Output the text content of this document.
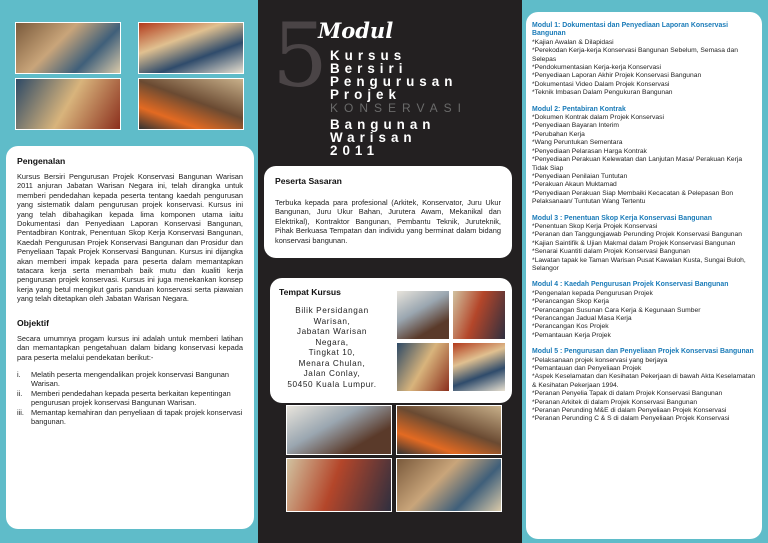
Pengenalan

Kursus Bersiri Pengurusan Projek Konservasi Bangunan Warisan 2011 anjuran Jabatan Warisan Negara ini, telah dirangka untuk memberi pendedahan kepada peserta tentang kaedah pengurusan yang sistematik dalam pengurusan projek konservasi. Kursus ini yang telah dibahagikan kepada lima komponen utama iaitu Dokumentasi dan Penyediaan Laporan Konservasi Bangunan, Pentadbiran Kontrak, Penentuan Skop Kerja Konservasi Bangunan, Kaedah Pengurusan Projek Konservasi Bangunan dan Prosidur dan Penyeliaan Tapak Projek Konservasi Bangunan. Kursus ini dijangka akan memberi impak kepada para peserta dalam memantapkan tatacara kerja serta menambah baik mutu dan kualiti kerja pengurusan projek konservasi. Kursus ini juga menekankan konsep kerja yang betul mengikut garis panduan konservasi serta piawaian yang telah ditetapkan oleh Jabatan Warisan Negara.

Objektif

Secara umumnya progam kursus ini adalah untuk memberi latihan dan memantapkan pengetahuan dalam bidang konservasi kepada para peserta melalui pendekatan berikut:-

i.	Melatih peserta mengendalikan projek konservasi Bangunan Warisan.
ii.	Memberi pendedahan kepada peserta berkaitan kepentingan pengurusan projek konservasi Bangunan Warisan.
iii. Memantap kemahiran dan penyeliaan di tapak projek konservasi bangunan.
5
Modul
Kursus
Bersiri
Pengurusan
Projek
KONSERVASI
Bangunan
Warisan
2011
Peserta Sasaran

Terbuka kepada para profesional (Arkitek, Konservator, Juru Ukur Bangunan, Juru Ukur Bahan, Jurutera Awam, Mekanikal dan Elektrikal), Kontraktor Bangunan, Pembantu Teknik, Juruteknik, Pihak Berkuasa Tempatan dan individu yang berminat dalam bidang konservasi bangunan.

Tempat Kursus
Bilik Persidangan
Warisan,
Jabatan Warisan
Negara,
Tingkat 10,
Menara Chulan,
Jalan Conlay,
50450 Kuala Lumpur.
Modul 1: Dokumentasi dan Penyediaan Laporan Konservasi Bangunan
*Kajian Awalan & Dilapidasi
*Perekodan Kerja-kerja Konservasi Bangunan Sebelum, Semasa dan Selepas
*Pendokumentasian Kerja-kerja Konservasi
*Penyediaan Laporan Akhir Projek Konservasi Bangunan
*Dokumentasi Video Dalam Projek Konservasi
*Teknik Imbasan Dalam Pengukuran Bangunan
Modul 2: Pentabiran Kontrak
*Dokumen Kontrak dalam Projek Konservasi
*Penyediaan Bayaran Interim
*Perubahan Kerja
*Wang Peruntukan Sementara
*Penyediaan Pelarasan Harga Kontrak
*Penyediaan Perakuan Kelewatan dan Lanjutan Masa/ Perakuan Kerja Tidak Siap
*Penyediaan Penilaian Tuntutan
*Perakuan Akaun Muktamad
*Penyediaan Perakuan Siap Membaiki Kecacatan & Pelepasan Bon Pelaksanaan/ Tuntutan Wang Tertentu
Modul 3 : Penentuan Skop Kerja Konservasi Bangunan
*Penentuan Skop Kerja Projek Konservasi
*Peranan dan Tanggungjawab Perunding Projek Konservasi Bangunan
*Kajian Saintifik & Ujian Makmal dalam Projek Konservasi Bangunan
*Senarai Kuantiti dalam Projek Konservasi Bangunan
*Lawatan tapak ke Taman Warisan Pusat Kawalan Kusta, Sungai Buloh, Selangor
Modul 4 : Kaedah Pengurusan Projek Konservasi Bangunan
*Pengenalan kepada Pengurusan Projek
*Perancangan Skop Kerja
*Perancangan Susunan Cara Kerja & Kegunaan Sumber
*Perancangan Jadual Masa Kerja
*Perancangan Kos Projek
*Pemantauan Kerja Projek
Modul 5 : Pengurusan dan Penyeliaan Projek Konservasi Bangunan
*Pelaksanaan projek konservasi yang berjaya
*Pemantauan dan Penyeliaan Projek
*Aspek Keselamatan dan Kesihatan Pekerjaan di bawah Akta Keselamatan & Kesihatan Pekerjaan 1994.
*Peranan Penyelia Tapak di dalam Projek Konservasi Bangunan
*Peranan Arkitek di dalam Projek Konservasi Bangunan
*Peranan Perunding M&E di dalam Penyeliaan Projek Konservasi
*Peranan Perunding C & S di dalam Penyeliaan Projek Konservasi
